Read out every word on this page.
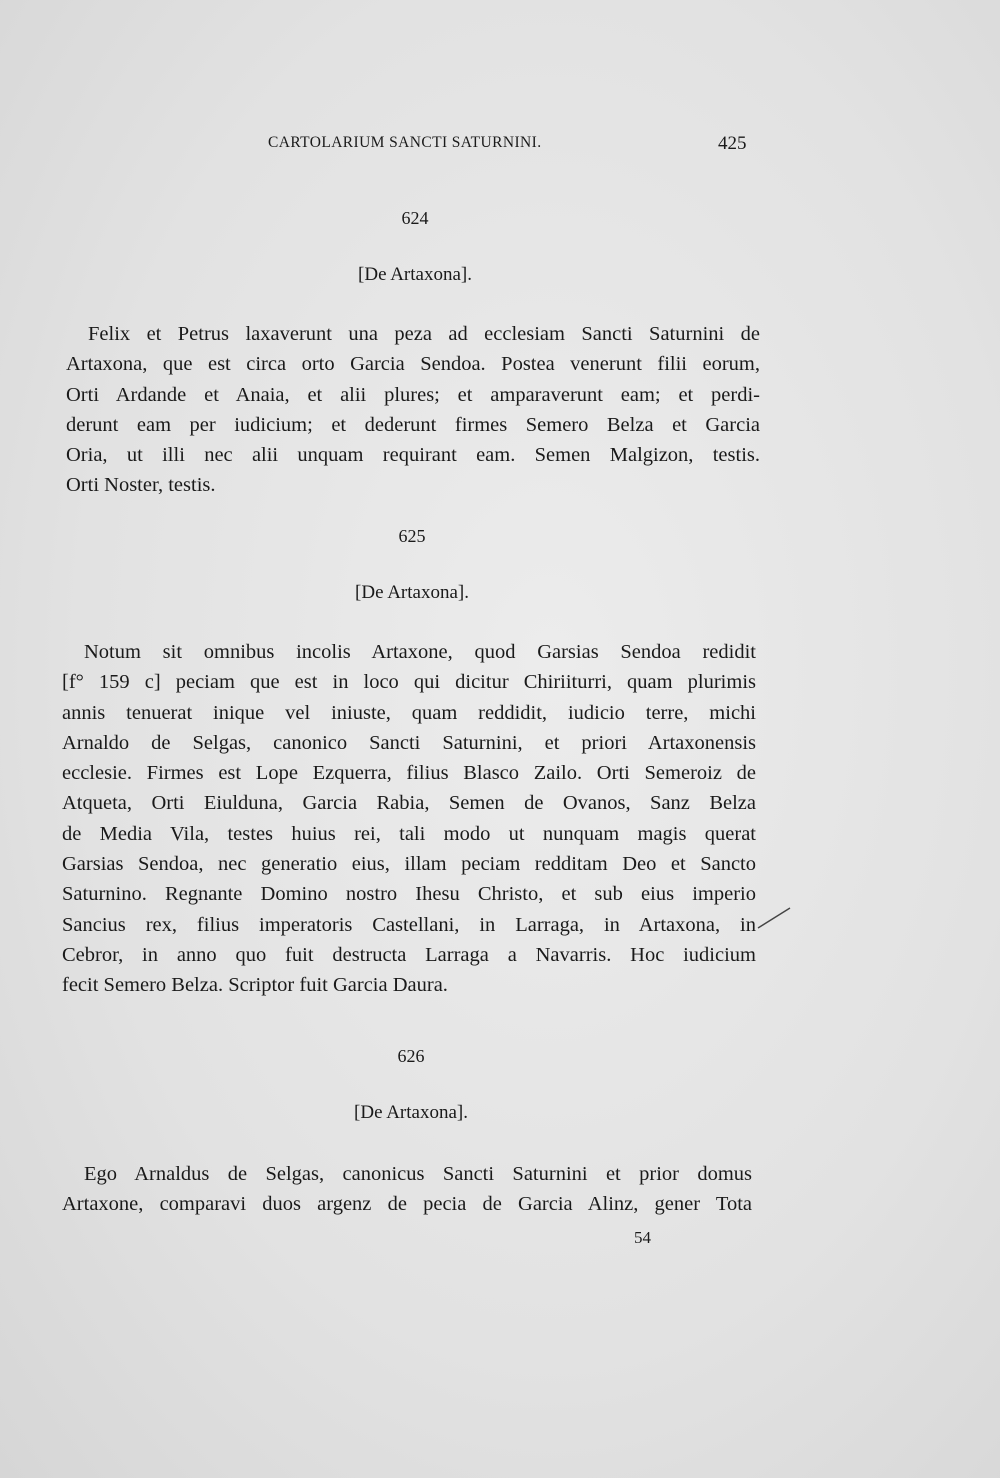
CARTOLARIUM SANCTI SATURNINI.	425
624
[De Artaxona].
Felix et Petrus laxaverunt una peza ad ecclesiam Sancti Saturnini de
Artaxona, que est circa orto Garcia Sendoa. Postea venerunt filii eorum,
Orti Ardande et Anaia, et alii plures; et amparaverunt eam; et perdi-
derunt eam per iudicium; et dederunt firmes Semero Belza et Garcia
Oria, ut illi nec alii unquam requirant eam. Semen Malgizon, testis.
Orti Noster, testis.
625
[De Artaxona].
Notum sit omnibus incolis Artaxone, quod Garsias Sendoa redidit
[f° 159 c] peciam que est in loco qui dicitur Chiriiturri, quam plurimis
annis tenuerat inique vel iniuste, quam reddidit, iudicio terre, michi
Arnaldo de Selgas, canonico Sancti Saturnini, et priori Artaxonensis
ecclesie. Firmes est Lope Ezquerra, filius Blasco Zailo. Orti Semeroiz de
Atqueta, Orti Eiulduna, Garcia Rabia, Semen de Ovanos, Sanz Belza
de Media Vila, testes huius rei, tali modo ut nunquam magis querat
Garsias Sendoa, nec generatio eius, illam peciam redditam Deo et Sancto
Saturnino. Regnante Domino nostro Ihesu Christo, et sub eius imperio
Sancius rex, filius imperatoris Castellani, in Larraga, in Artaxona, in
Cebror, in anno quo fuit destructa Larraga a Navarris. Hoc iudicium
fecit Semero Belza. Scriptor fuit Garcia Daura.
626
[De Artaxona].
Ego Arnaldus de Selgas, canonicus Sancti Saturnini et prior domus
Artaxone, comparavi duos argenz de pecia de Garcia Alinz, gener Tota
54
